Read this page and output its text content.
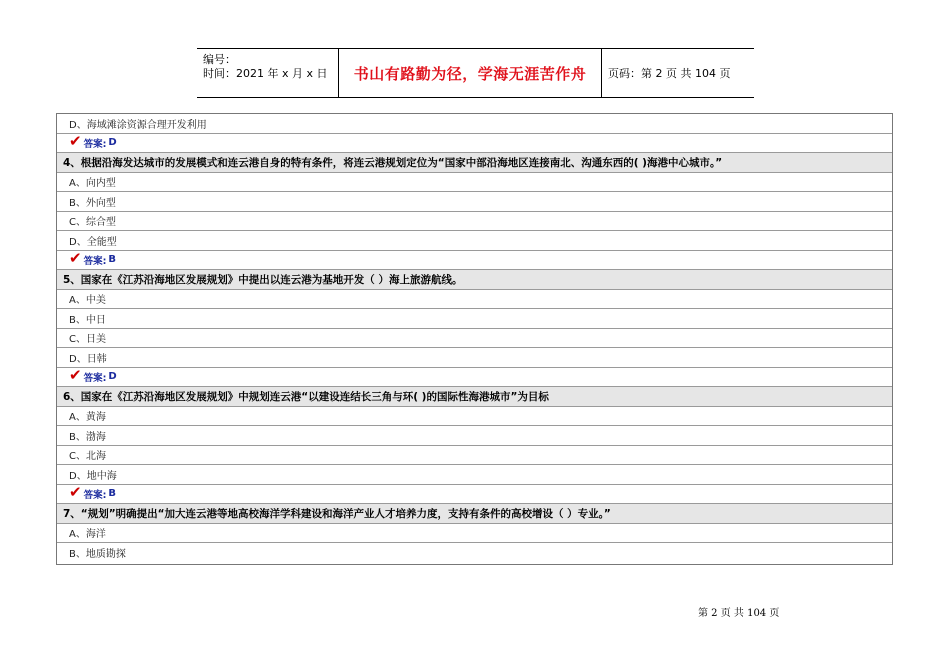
编号：
时间：2021 年 x 月 x 日	书山有路勤为径，学海无涯苦作舟 页码：第 2 页 共 104 页
D、海域滩涂资源合理开发利用
✔ 答案: D
4、根据沿海发达城市的发展模式和连云港自身的特有条件，将连云港规划定位为“国家中部沿海地区连接南北、沟通东西的( )海港中心城市。”
A、向内型
B、外向型
C、综合型
D、全能型
✔ 答案: B
5、国家在《江苏沿海地区发展规划》中提出以连云港为基地开发（ ）海上旅游航线。
A、中美
B、中日
C、日美
D、日韩
✔ 答案: D
6、国家在《江苏沿海地区发展规划》中规划连云港“以建设连结长三角与环( )的国际性海港城市”为目标
A、黄海
B、渤海
C、北海
D、地中海
✔ 答案: B
7、“规划”明确提出“加大连云港等地高校海洋学科建设和海洋产业人才培养力度，支持有条件的高校增设（ ）专业。”
A、海洋
B、地质勘探
第 2 页 共 104 页
